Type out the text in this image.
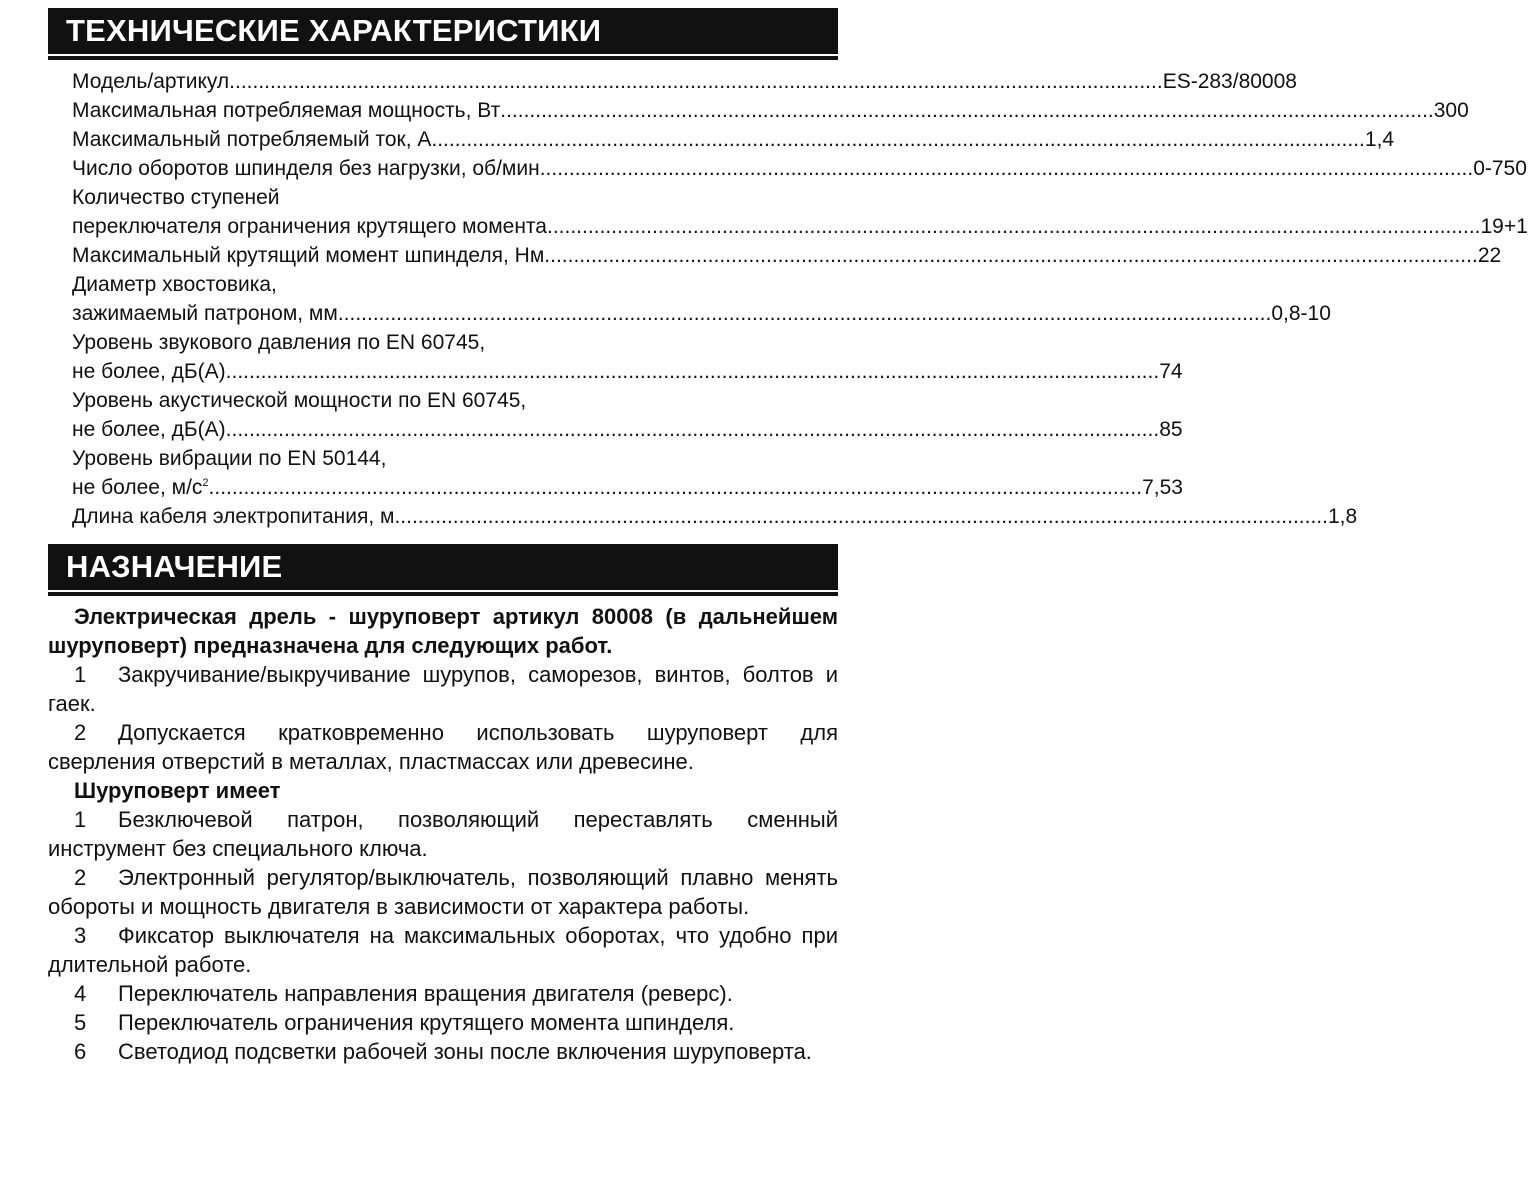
ТЕХНИЧЕСКИЕ ХАРАКТЕРИСТИКИ
Модель/артикул ................................................................................................................................................................ ES-283/80008
Максимальная потребляемая мощность, Вт ................................................................................................................................................................ 300
Максимальный потребляемый ток, А ................................................................................................................................................................ 1,4
Число оборотов шпинделя без нагрузки, об/мин ................................................................................................................................................................ 0-750
Количество ступеней
переключателя ограничения крутящего момента ................................................................................................................................................................ 19+1
Максимальный крутящий момент шпинделя, Нм ................................................................................................................................................................ 22
Диаметр хвостовика,
зажимаемый патроном, мм ................................................................................................................................................................ 0,8-10
Уровень звукового давления по EN 60745,
не более, дБ(А) ................................................................................................................................................................ 74
Уровень акустической мощности по EN 60745,
не более, дБ(А) ................................................................................................................................................................ 85
Уровень вибрации по EN 50144,
не более, $м/с^2$ ................................................................................................................................................................ 7,53
Длина кабеля электропитания, м ................................................................................................................................................................ 1,8
НАЗНАЧЕНИЕ

Электрическая дрель - шуруповерт артикул 80008 (в дальнейшем шуруповерт) предназначена для следующих работ.

1 Закручивание/выкручивание шурупов, саморезов, винтов, болтов и гаек.

2 Допускается кратковременно использовать шуруповерт для сверления отверстий в металлах, пластмассах или древесине.

Шуруповерт имеет

1 Безключевой патрон, позволяющий переставлять сменный инструмент без специального ключа.

2 Электронный регулятор/выключатель, позволяющий плавно менять обороты и мощность двигателя в зависимости от характера работы.

3 Фиксатор выключателя на максимальных оборотах, что удобно при длительной работе.

4 Переключатель направления вращения двигателя (реверс).

5 Переключатель ограничения крутящего момента шпинделя.

6 Светодиод подсветки рабочей зоны после включения шуруповерта.
